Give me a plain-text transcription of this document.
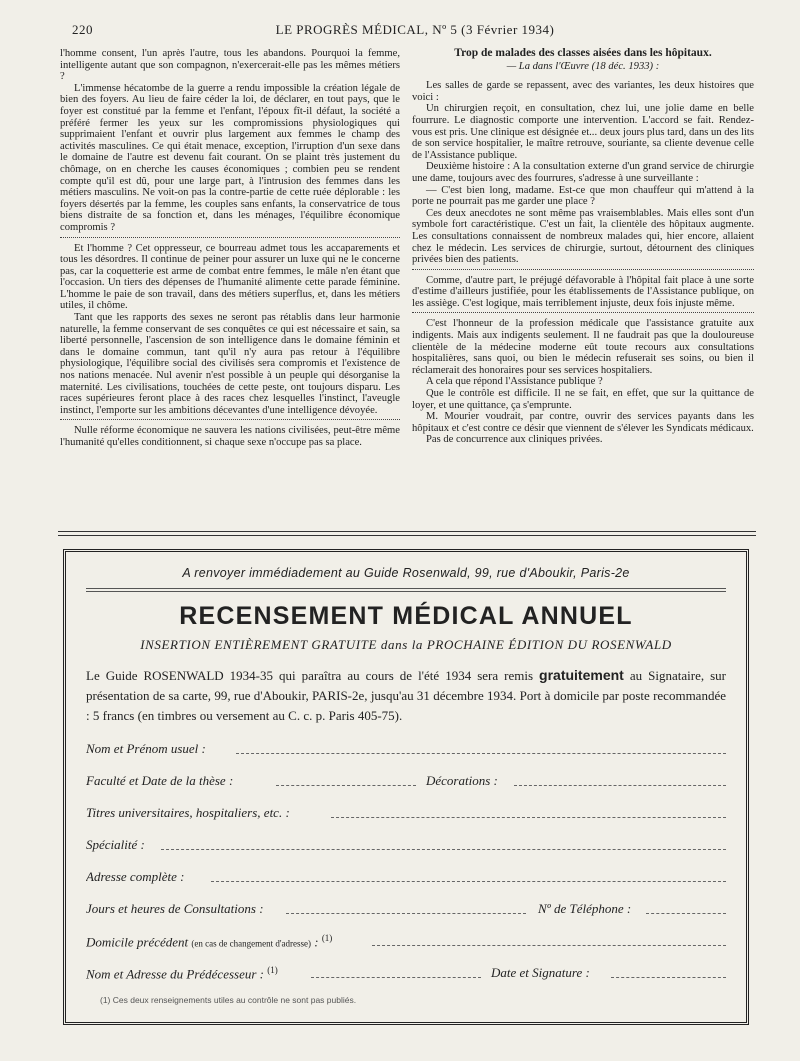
220	LE PROGRÈS MÉDICAL, Nº 5 (3 Février 1934)

l'homme consent, l'un après l'autre, tous les abandons. Pourquoi la femme, intelligente autant que son compagnon, n'exercerait-elle pas les mêmes métiers ?

L'immense hécatombe de la guerre a rendu impossible la création légale de bien des foyers. Au lieu de faire céder la loi, de déclarer, en tout pays, que le foyer est constitué par la femme et l'enfant, l'époux fît-il défaut, la société a préféré fermer les yeux sur les compromissions physiologiques qui supprimaient l'enfant et ouvrir plus largement aux femmes le champ des activités masculines. Ce qui était menace, exception, l'irruption d'un sexe dans le domaine de l'autre est devenu fait courant. On se plaint très justement du chômage, on en cherche les causes économiques ; combien peu se rendent compte qu'il est dû, pour une large part, à l'intrusion des femmes dans les métiers masculins. Ne voit-on pas la contre-partie de cette ruée déplorable : les foyers désertés par la femme, les couples sans enfants, la conservatrice de tous biens distraite de sa fonction et, dans les ménages, l'équilibre économique compromis ?

Et l'homme ? Cet oppresseur, ce bourreau admet tous les accaparements et tous les désordres. Il continue de peiner pour assurer un luxe qui ne le concerne pas, car la coquetterie est arme de combat entre femmes, le mâle n'en étant que l'occasion. Un tiers des dépenses de l'humanité alimente cette parade féminine. L'homme le paie de son travail, dans des métiers superflus, et, dans les métiers utiles, il chôme.

Tant que les rapports des sexes ne seront pas rétablis dans leur harmonie naturelle, la femme conservant de ses conquêtes ce qui est nécessaire et sain, sa liberté personnelle, l'ascension de son intelligence dans le domaine féminin et dans le domaine commun, tant qu'il n'y aura pas retour à l'équilibre physiologique, l'équilibre social des civilisés sera compromis et l'existence de nos nations menacée. Nul avenir n'est possible à un peuple qui désorganise la maternité. Les civilisations, touchées de cette peste, ont toujours disparu. Les races supérieures feront place à des races chez lesquelles l'instinct, l'aveugle instinct, l'emporte sur les ambitions décevantes d'une intelligence dévoyée.

Nulle réforme économique ne sauvera les nations civilisées, peut-être même l'humanité qu'elles conditionnent, si chaque sexe n'occupe pas sa place.

Trop de malades des classes aisées dans les hôpitaux.

— La dans l'Œuvre (18 déc. 1933) :

Les salles de garde se repassent, avec des variantes, les deux histoires que voici :

Un chirurgien reçoit, en consultation, chez lui, une jolie dame en belle fourrure. Le diagnostic comporte une intervention. L'accord se fait. Rendez-vous est pris. Une clinique est désignée et... deux jours plus tard, dans un des lits de son service hospitalier, le maître retrouve, souriante, sa cliente devenue celle de l'Assistance publique.

Deuxième histoire : A la consultation externe d'un grand service de chirurgie une dame, toujours avec des fourrures, s'adresse à une surveillante :

— C'est bien long, madame. Est-ce que mon chauffeur qui m'attend à la porte ne pourrait pas me garder une place ?

Ces deux anecdotes ne sont même pas vraisemblables. Mais elles sont d'un symbole fort caractéristique. C'est un fait, la clientèle des hôpitaux augmente. Les consultations connaissent de nombreux malades qui, hier encore, allaient chez le médecin. Les services de chirurgie, surtout, détournent des cliniques privées bien des patients.

Comme, d'autre part, le préjugé défavorable à l'hôpital fait place à une sorte d'estime d'ailleurs justifiée, pour les établissements de l'Assistance publique, on les assiège. C'est logique, mais terriblement injuste, deux fois injuste même.

C'est l'honneur de la profession médicale que l'assistance gratuite aux indigents. Mais aux indigents seulement. Il ne faudrait pas que la douloureuse clientèle de la médecine moderne eût toute recours aux consultations hospitalières, sans quoi, ou bien le médecin refuserait ses soins, ou bien il réclamerait des honoraires pour ses services hospitaliers.

A cela que répond l'Assistance publique ?

Que le contrôle est difficile. Il ne se fait, en effet, que sur la quittance de loyer, et une quittance, ça s'emprunte.

M. Mourier voudrait, par contre, ouvrir des services payants dans les hôpitaux et c'est contre ce désir que viennent de s'élever les Syndicats médicaux.

Pas de concurrence aux cliniques privées.

A renvoyer immédiadement au Guide Rosenwald, 99, rue d'Aboukir, Paris-2e
RECENSEMENT MÉDICAL ANNUEL
INSERTION ENTIÈREMENT GRATUITE dans la PROCHAINE ÉDITION DU ROSENWALD
Le Guide ROSENWALD 1934-35 qui paraîtra au cours de l'été 1934 sera remis gratuitement au Signataire, sur présentation de sa carte, 99, rue d'Aboukir, PARIS-2e, jusqu'au 31 décembre 1934. Port à domicile par poste recommandée : 5 francs (en timbres ou versement au C. c. p. Paris 405-75).
Nom et Prénom usuel :
Faculté et Date de la thèse :	Décorations :
Titres universitaires, hospitaliers, etc. :
Spécialité :
Adresse complète :
Jours et heures de Consultations :	Nº de Téléphone :
Domicile précédent (en cas de changement d'adresse) : $^{(1)}$
Nom et Adresse du Prédécesseur : $^{(1)}$	Date et Signature :
(1) Ces deux renseignements utiles au contrôle ne sont pas publiés.
